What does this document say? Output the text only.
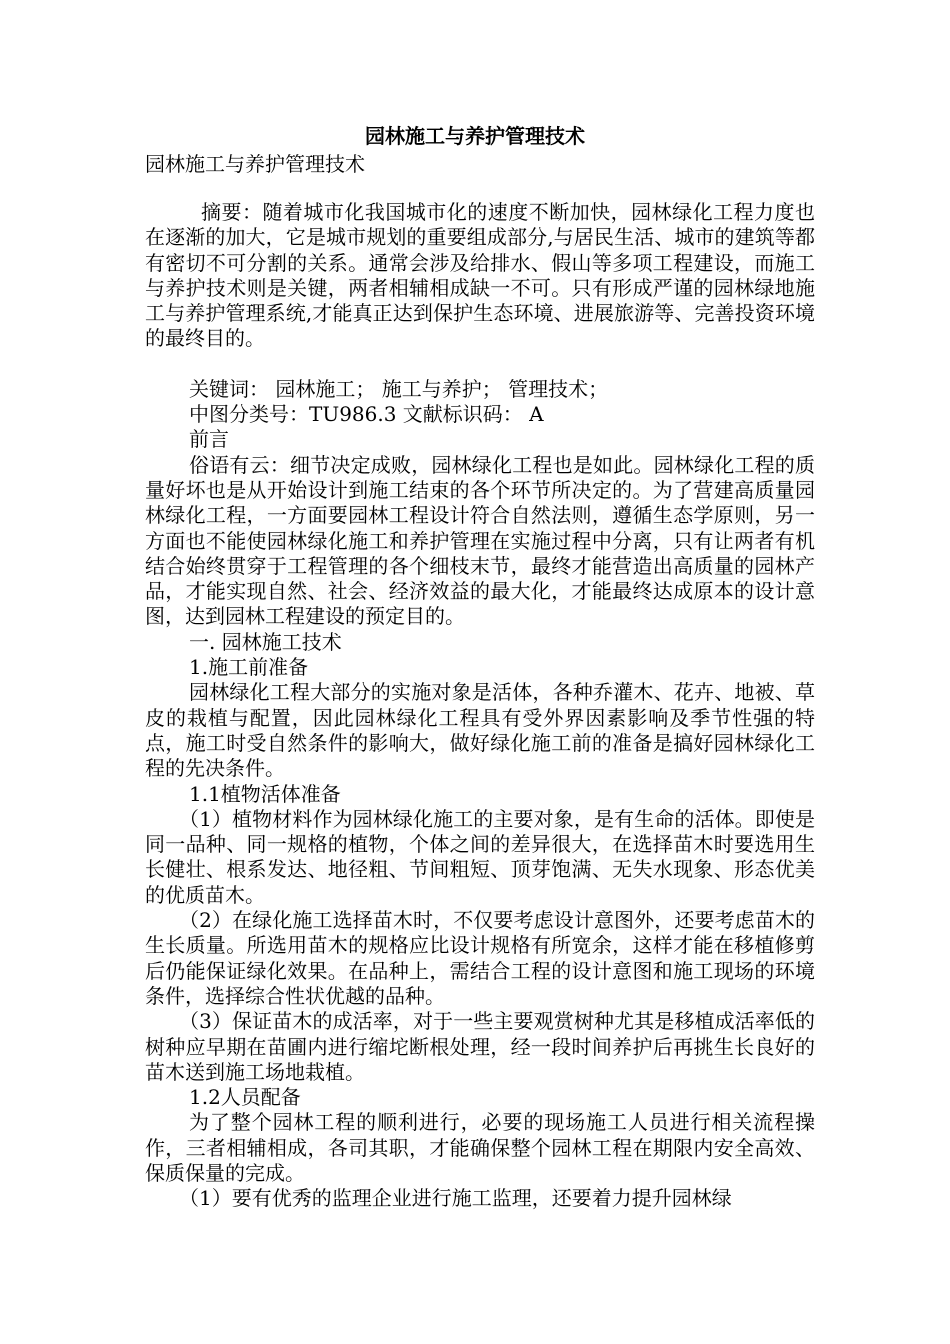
园林施工与养护管理技术
园林施工与养护管理技术

摘要：随着城市化我国城市化的速度不断加快，园林绿化工程力度也在逐渐的加大，它是城市规划的重要组成部分,与居民生活、城市的建筑等都有密切不可分割的关系。通常会涉及给排水、假山等多项工程建设，而施工与养护技术则是关键，两者相辅相成缺一不可。只有形成严谨的园林绿地施工与养护管理系统,才能真正达到保护生态环境、进展旅游等、完善投资环境的最终目的。

关键词： 园林施工； 施工与养护； 管理技术；

中图分类号：TU986.3 文献标识码： A

前言

俗语有云：细节决定成败，园林绿化工程也是如此。园林绿化工程的质量好坏也是从开始设计到施工结束的各个环节所决定的。为了营建高质量园林绿化工程，一方面要园林工程设计符合自然法则，遵循生态学原则，另一方面也不能使园林绿化施工和养护管理在实施过程中分离，只有让两者有机结合始终贯穿于工程管理的各个细枝末节，最终才能营造出高质量的园林产品，才能实现自然、社会、经济效益的最大化，才能最终达成原本的设计意图，达到园林工程建设的预定目的。

一. 园林施工技术

1.施工前准备

园林绿化工程大部分的实施对象是活体，各种乔灌木、花卉、地被、草皮的栽植与配置，因此园林绿化工程具有受外界因素影响及季节性强的特点，施工时受自然条件的影响大，做好绿化施工前的准备是搞好园林绿化工程的先决条件。

1.1植物活体准备

（1）植物材料作为园林绿化施工的主要对象，是有生命的活体。即使是同一品种、同一规格的植物，个体之间的差异很大，在选择苗木时要选用生长健壮、根系发达、地径粗、节间粗短、顶芽饱满、无失水现象、形态优美的优质苗木。

（2）在绿化施工选择苗木时，不仅要考虑设计意图外，还要考虑苗木的生长质量。所选用苗木的规格应比设计规格有所宽余，这样才能在移植修剪后仍能保证绿化效果。在品种上，需结合工程的设计意图和施工现场的环境条件，选择综合性状优越的品种。

（3）保证苗木的成活率，对于一些主要观赏树种尤其是移植成活率低的树种应早期在苗圃内进行缩坨断根处理，经一段时间养护后再挑生长良好的苗木送到施工场地栽植。

1.2人员配备

为了整个园林工程的顺利进行，必要的现场施工人员进行相关流程操作，三者相辅相成，各司其职，才能确保整个园林工程在期限内安全高效、保质保量的完成。

（1）要有优秀的监理企业进行施工监理，还要着力提升园林绿
